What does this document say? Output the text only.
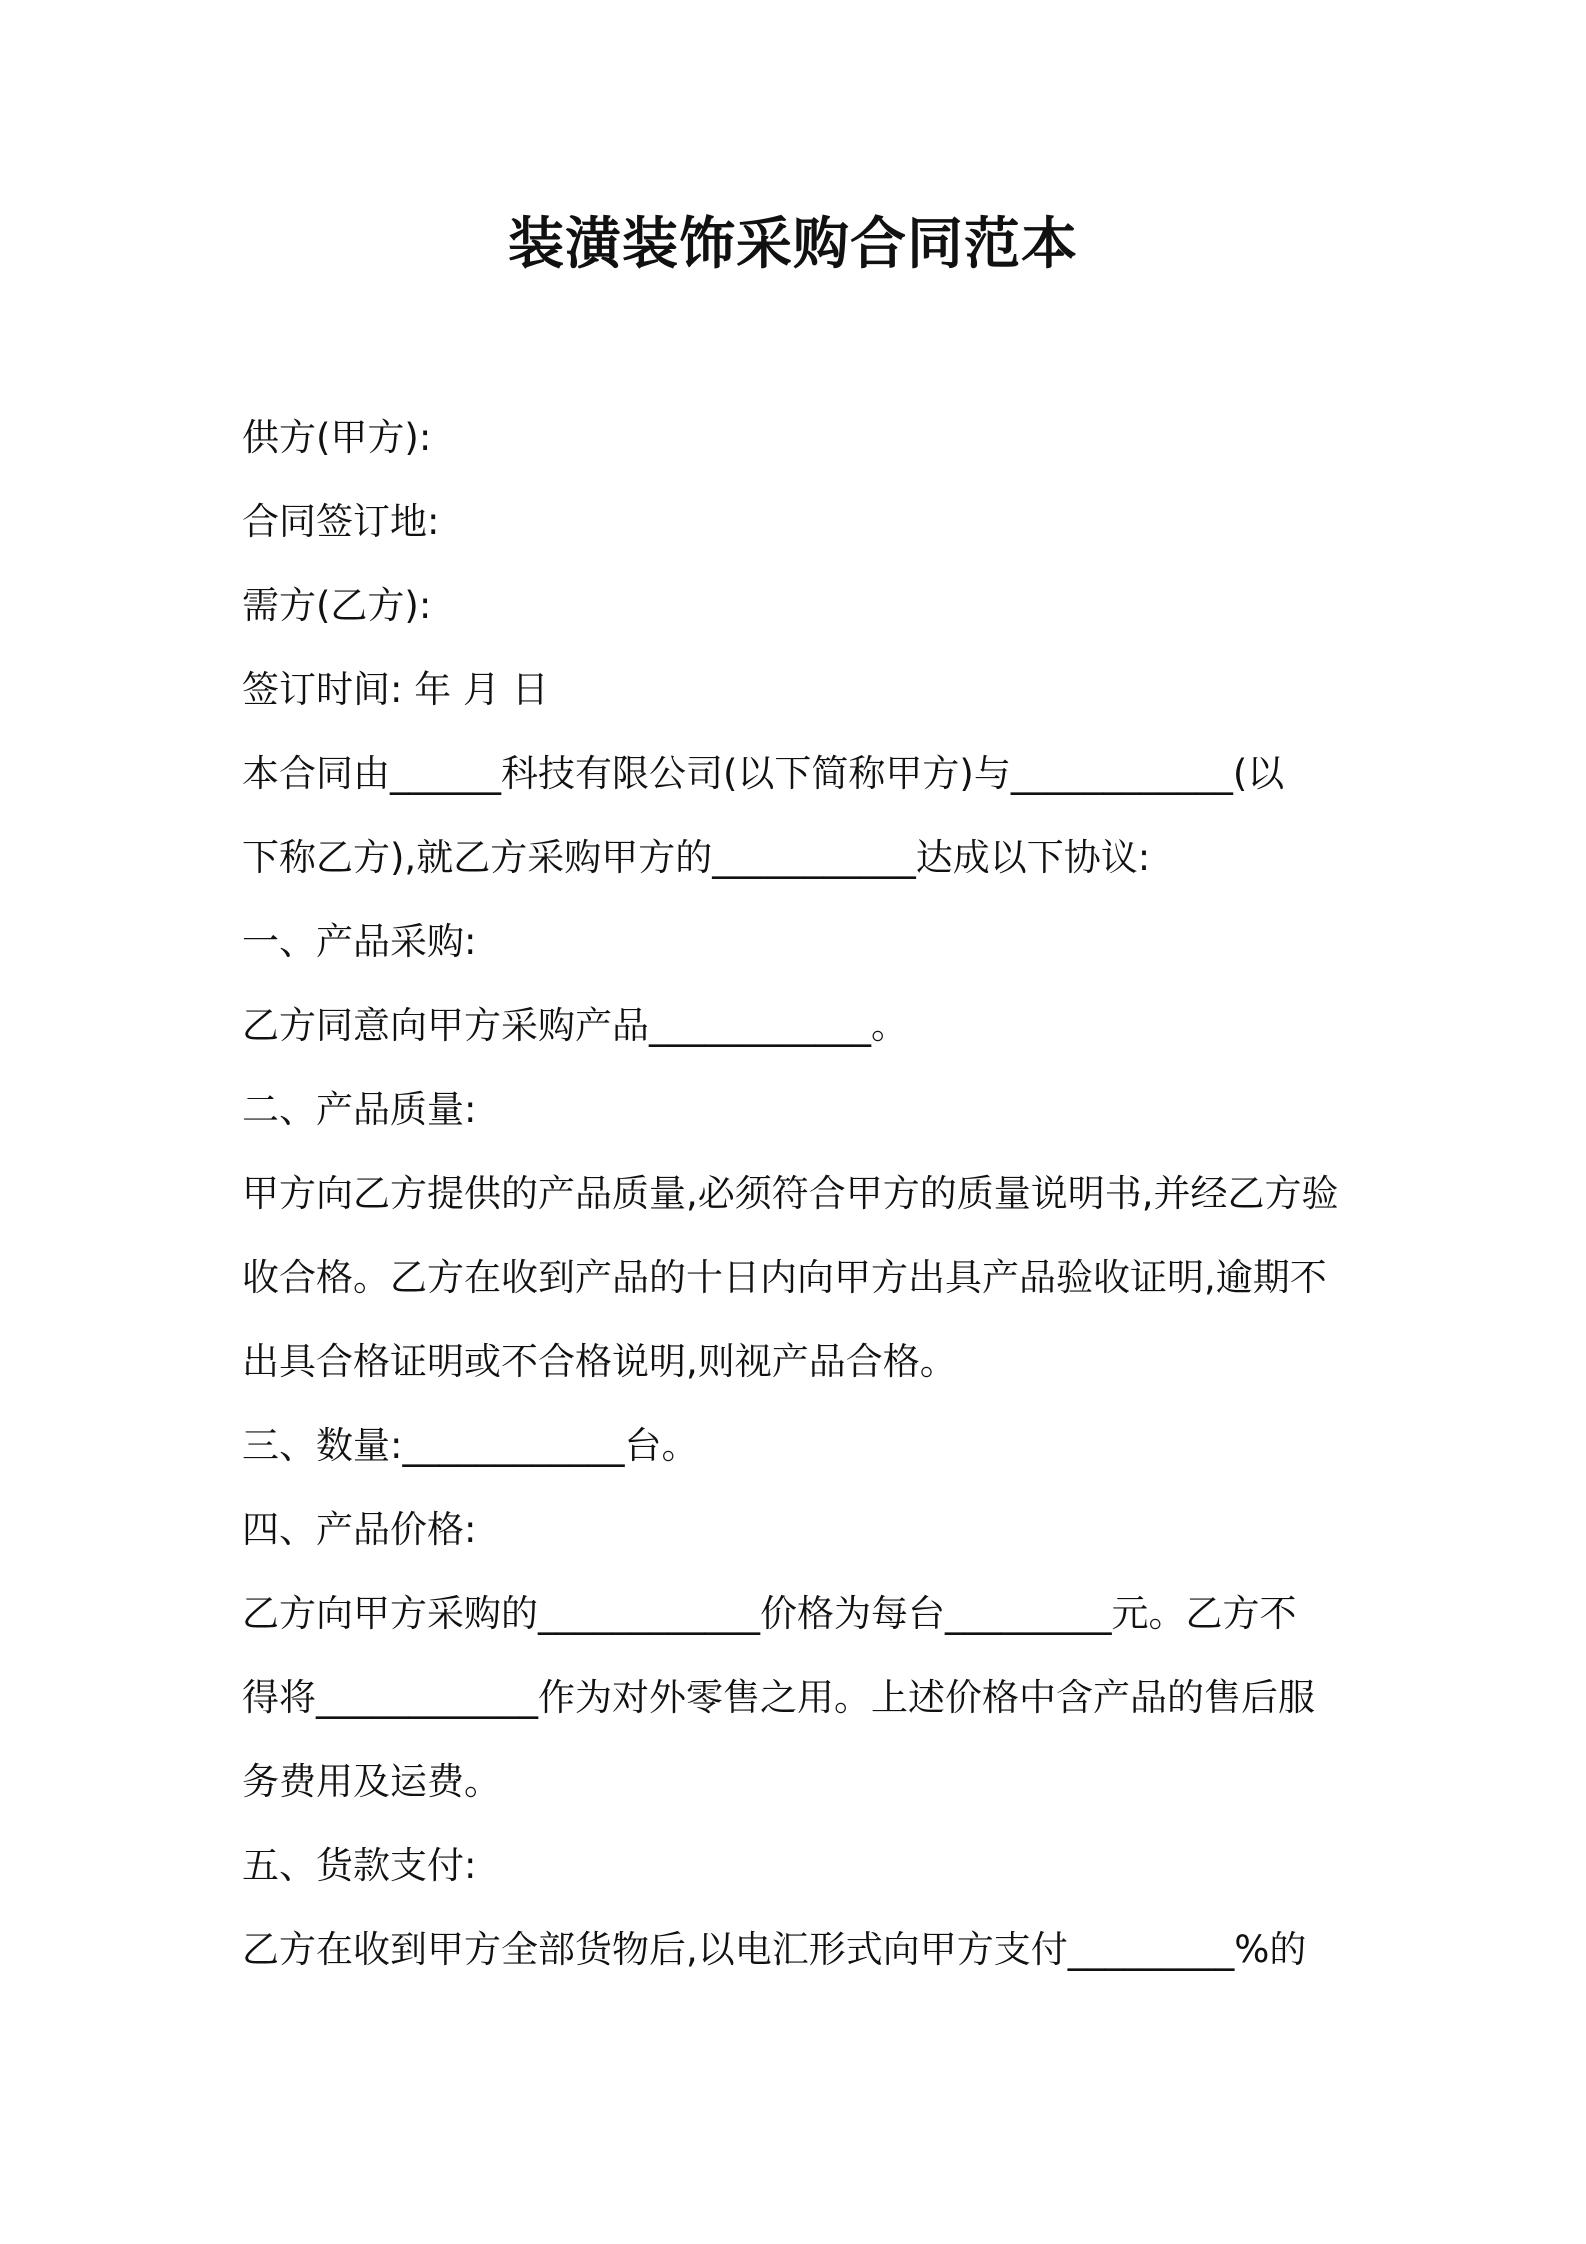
装潢装饰采购合同范本

供方(甲方):

合同签订地:

需方(乙方):

签订时间: 年 月 日

本合同由______科技有限公司(以下简称甲方)与____________(以

下称乙方),就乙方采购甲方的___________达成以下协议:

一、产品采购:

乙方同意向甲方采购产品____________。

二、产品质量:

甲方向乙方提供的产品质量,必须符合甲方的质量说明书,并经乙方验

收合格。乙方在收到产品的十日内向甲方出具产品验收证明,逾期不

出具合格证明或不合格说明,则视产品合格。

三、数量:____________台。

四、产品价格:

乙方向甲方采购的____________价格为每台_________元。乙方不

得将____________作为对外零售之用。上述价格中含产品的售后服

务费用及运费。

五、货款支付:

乙方在收到甲方全部货物后,以电汇形式向甲方支付_________%的
